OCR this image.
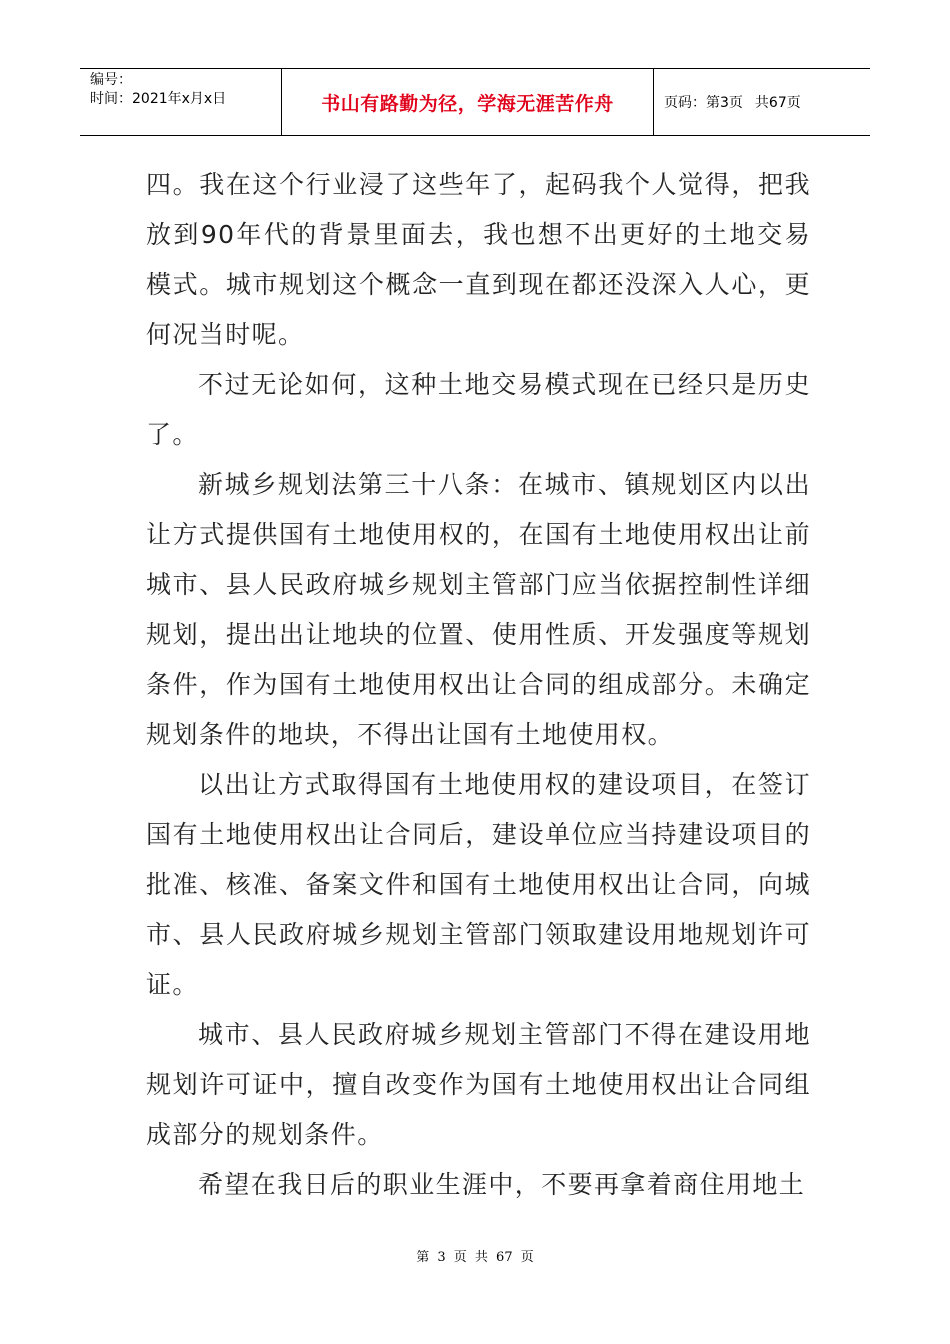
编号：
时间：2021年x月x日	书山有路勤为径，学海无涯苦作舟	页码：第3页 共67页

四。我在这个行业浸了这些年了，起码我个人觉得，把我放到90年代的背景里面去，我也想不出更好的土地交易模式。城市规划这个概念一直到现在都还没深入人心，更何况当时呢。

不过无论如何，这种土地交易模式现在已经只是历史了。

新城乡规划法第三十八条：在城市、镇规划区内以出让方式提供国有土地使用权的，在国有土地使用权出让前城市、县人民政府城乡规划主管部门应当依据控制性详细规划，提出出让地块的位置、使用性质、开发强度等规划条件，作为国有土地使用权出让合同的组成部分。未确定规划条件的地块，不得出让国有土地使用权。

以出让方式取得国有土地使用权的建设项目，在签订国有土地使用权出让合同后，建设单位应当持建设项目的批准、核准、备案文件和国有土地使用权出让合同，向城市、县人民政府城乡规划主管部门领取建设用地规划许可证。

城市、县人民政府城乡规划主管部门不得在建设用地规划许可证中，擅自改变作为国有土地使用权出让合同组成部分的规划条件。

希望在我日后的职业生涯中，不要再拿着商住用地土

第 3 页 共 67 页
